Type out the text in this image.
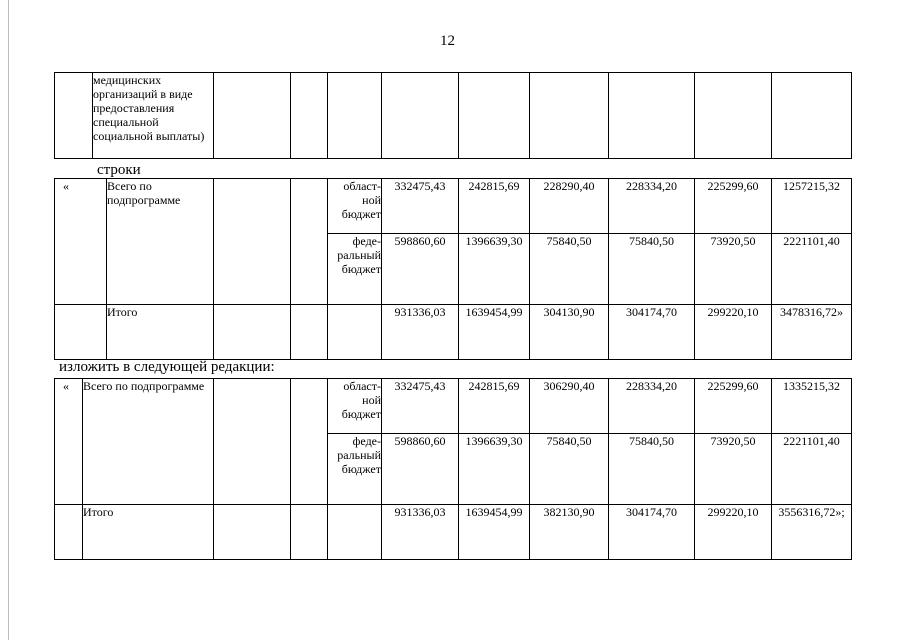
12
	медицинских организаций в виде предоставления специальной социальной выплаты)									
строки
«	Всего по подпрограмме			област-ной бюджет	332475,43	242815,69	228290,40	228334,20	225299,60	1257215,32
				феде-ральный бюджет	598860,60	1396639,30	75840,50	75840,50	73920,50	2221101,40
	Итого				931336,03	1639454,99	304130,90	304174,70	299220,10	3478316,72»
изложить в следующей редакции:
«	Всего по подпрограмме			област-ной бюджет	332475,43	242815,69	306290,40	228334,20	225299,60	1335215,32
				феде-ральный бюджет	598860,60	1396639,30	75840,50	75840,50	73920,50	2221101,40
	Итого				931336,03	1639454,99	382130,90	304174,70	299220,10	3556316,72»;
